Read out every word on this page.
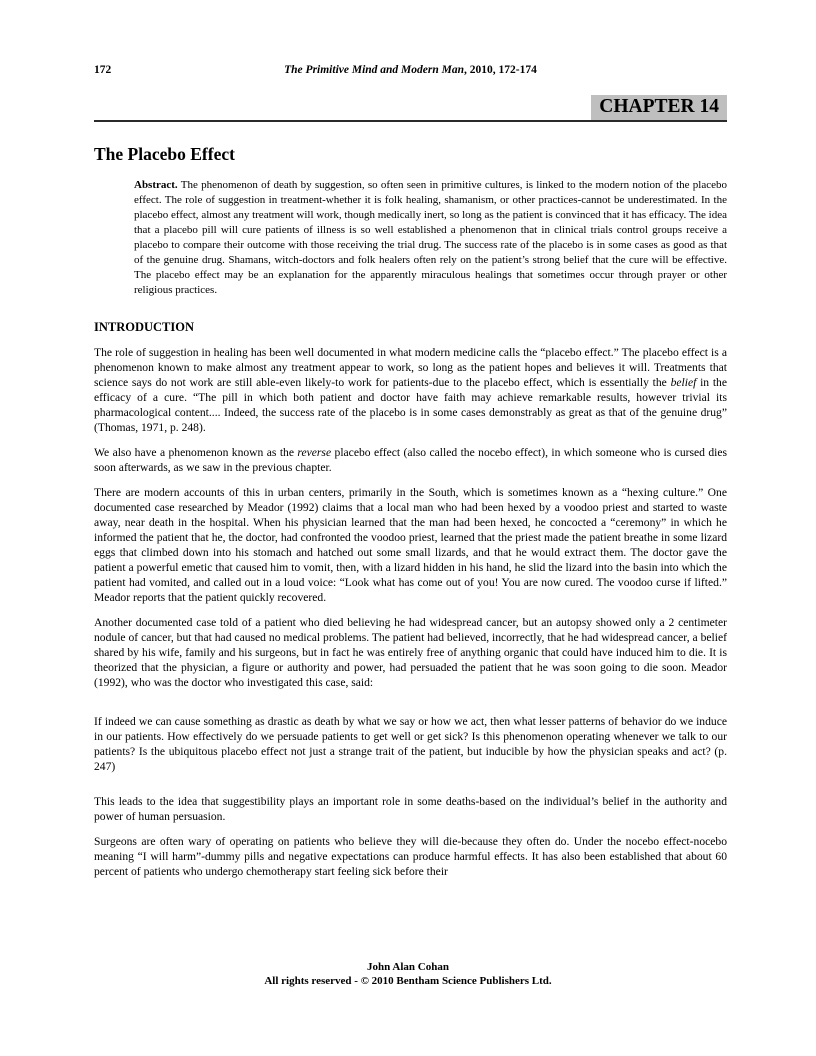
172	The Primitive Mind and Modern Man, 2010, 172-174
CHAPTER 14
The Placebo Effect

Abstract. The phenomenon of death by suggestion, so often seen in primitive cultures, is linked to the modern notion of the placebo effect. The role of suggestion in treatment-whether it is folk healing, shamanism, or other practices-cannot be underestimated. In the placebo effect, almost any treatment will work, though medically inert, so long as the patient is convinced that it has efficacy. The idea that a placebo pill will cure patients of illness is so well established a phenomenon that in clinical trials control groups receive a placebo to compare their outcome with those receiving the trial drug. The success rate of the placebo is in some cases as good as that of the genuine drug. Shamans, witch-doctors and folk healers often rely on the patient’s strong belief that the cure will be effective. The placebo effect may be an explanation for the apparently miraculous healings that sometimes occur through prayer or other religious practices.

INTRODUCTION

The role of suggestion in healing has been well documented in what modern medicine calls the “placebo effect.” The placebo effect is a phenomenon known to make almost any treatment appear to work, so long as the patient hopes and believes it will. Treatments that science says do not work are still able-even likely-to work for patients-due to the placebo effect, which is essentially the belief in the efficacy of a cure. “The pill in which both patient and doctor have faith may achieve remarkable results, however trivial its pharmacological content.... Indeed, the success rate of the placebo is in some cases demonstrably as great as that of the genuine drug” (Thomas, 1971, p. 248).

We also have a phenomenon known as the reverse placebo effect (also called the nocebo effect), in which someone who is cursed dies soon afterwards, as we saw in the previous chapter.

There are modern accounts of this in urban centers, primarily in the South, which is sometimes known as a “hexing culture.” One documented case researched by Meador (1992) claims that a local man who had been hexed by a voodoo priest and started to waste away, near death in the hospital. When his physician learned that the man had been hexed, he concocted a “ceremony” in which he informed the patient that he, the doctor, had confronted the voodoo priest, learned that the priest made the patient breathe in some lizard eggs that climbed down into his stomach and hatched out some small lizards, and that he would extract them. The doctor gave the patient a powerful emetic that caused him to vomit, then, with a lizard hidden in his hand, he slid the lizard into the basin into which the patient had vomited, and called out in a loud voice: “Look what has come out of you! You are now cured. The voodoo curse if lifted.” Meador reports that the patient quickly recovered.

Another documented case told of a patient who died believing he had widespread cancer, but an autopsy showed only a 2 centimeter nodule of cancer, but that had caused no medical problems. The patient had believed, incorrectly, that he had widespread cancer, a belief shared by his wife, family and his surgeons, but in fact he was entirely free of anything organic that could have induced him to die. It is theorized that the physician, a figure or authority and power, had persuaded the patient that he was soon going to die soon. Meador (1992), who was the doctor who investigated this case, said:

If indeed we can cause something as drastic as death by what we say or how we act, then what lesser patterns of behavior do we induce in our patients. How effectively do we persuade patients to get well or get sick? Is this phenomenon operating whenever we talk to our patients? Is the ubiquitous placebo effect not just a strange trait of the patient, but inducible by how the physician speaks and act? (p. 247)

This leads to the idea that suggestibility plays an important role in some deaths-based on the individual’s belief in the authority and power of human persuasion.

Surgeons are often wary of operating on patients who believe they will die-because they often do. Under the nocebo effect-nocebo meaning “I will harm”-dummy pills and negative expectations can produce harmful effects. It has also been established that about 60 percent of patients who undergo chemotherapy start feeling sick before their

John Alan Cohan
All rights reserved - © 2010 Bentham Science Publishers Ltd.
